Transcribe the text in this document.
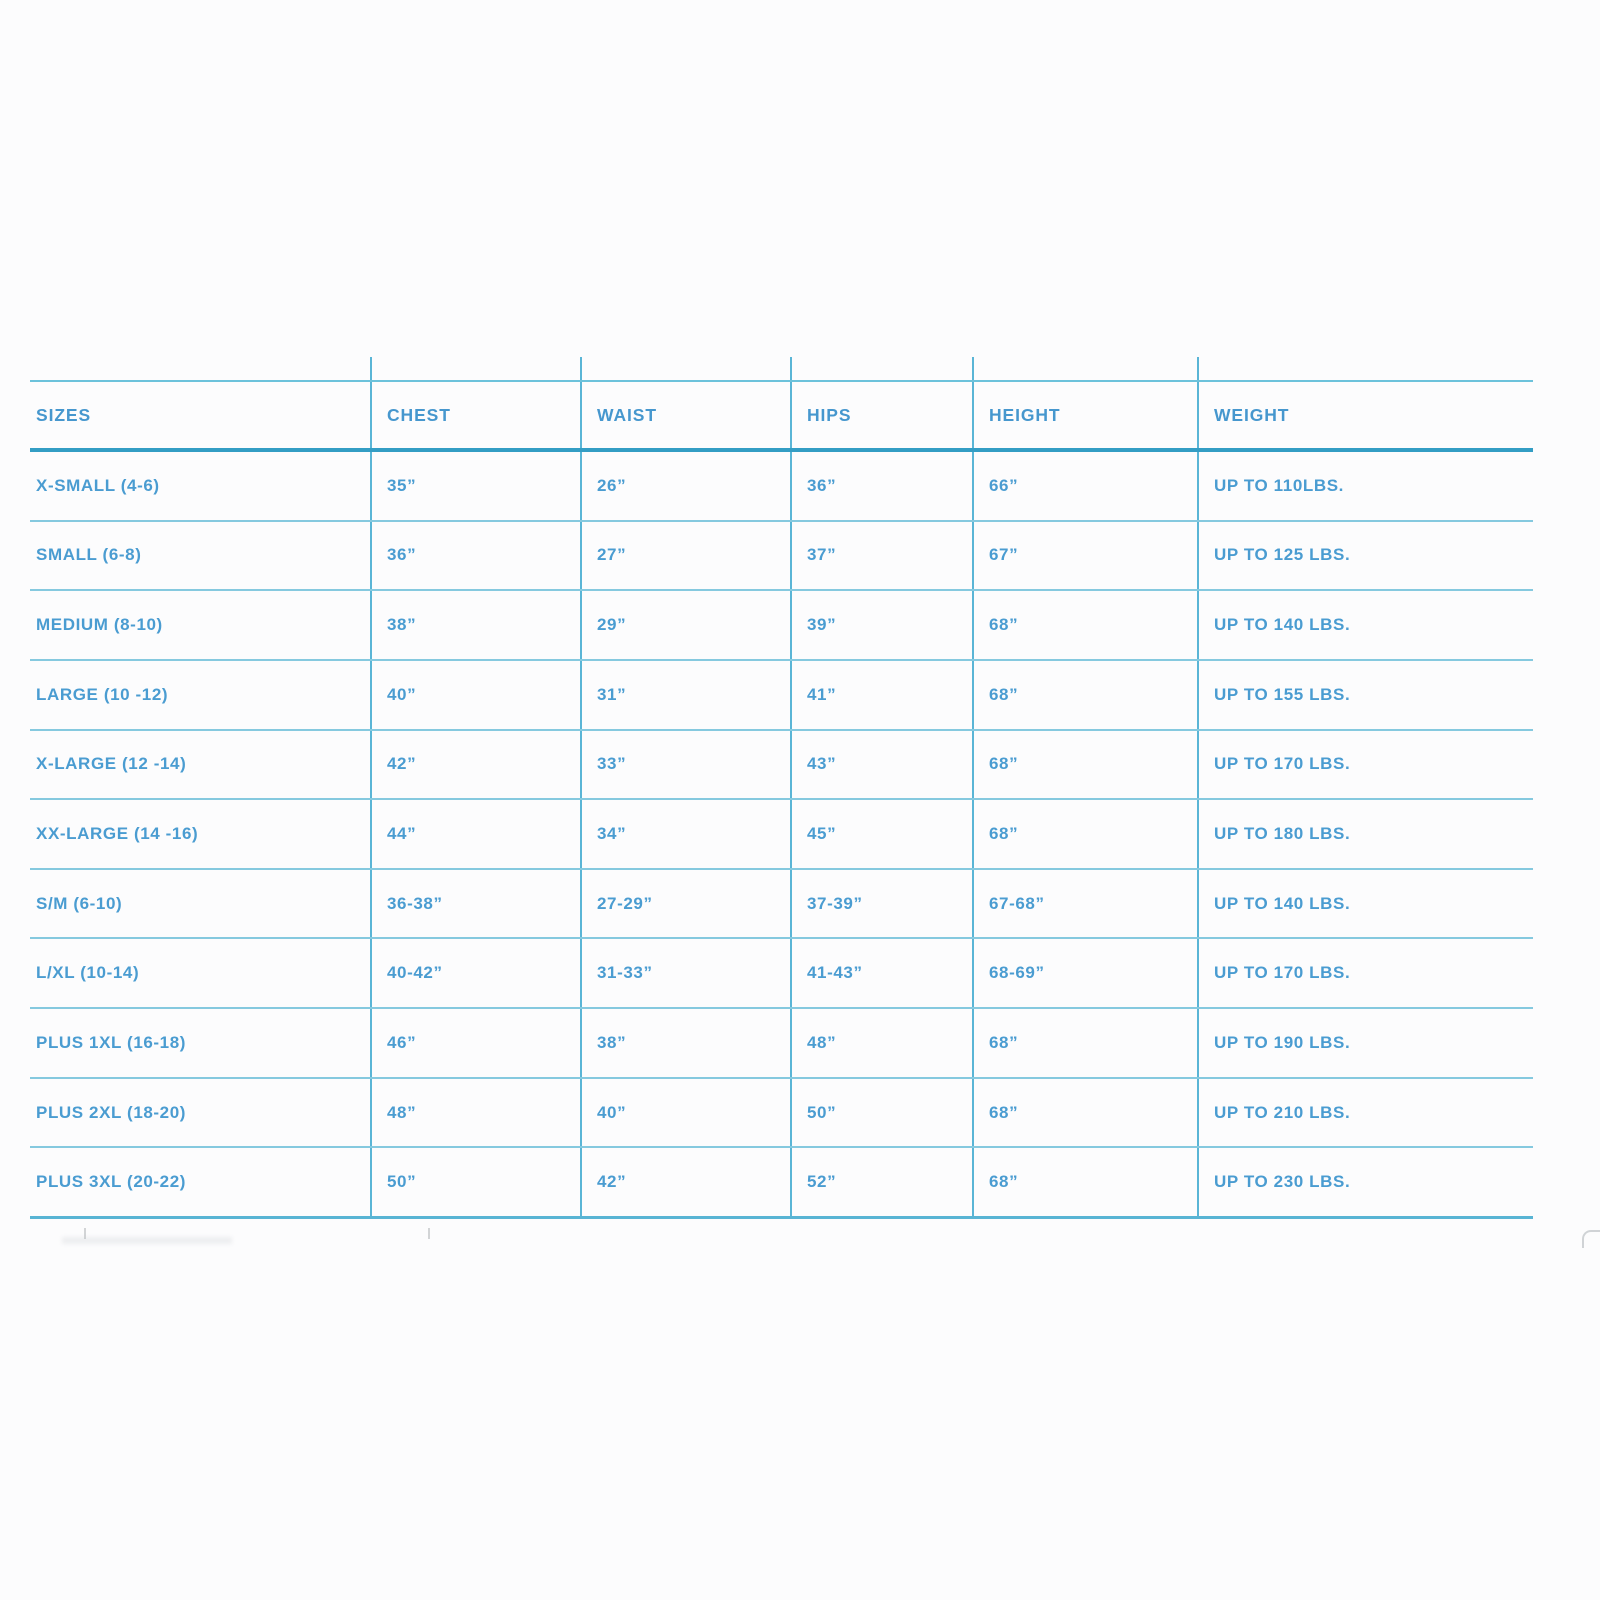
SIZES	CHEST	WAIST	HIPS	HEIGHT	WEIGHT
X-SMALL (4-6)	35”	26”	36”	66”	UP TO 110LBS.
SMALL (6-8)	36”	27”	37”	67”	UP TO 125 LBS.
MEDIUM (8-10)	38”	29”	39”	68”	UP TO 140 LBS.
LARGE (10 -12)	40”	31”	41”	68”	UP TO 155 LBS.
X-LARGE (12 -14)	42”	33”	43”	68”	UP TO 170 LBS.
XX-LARGE (14 -16)	44”	34”	45”	68”	UP TO 180 LBS.
S/M (6-10)	36-38”	27-29”	37-39”	67-68”	UP TO 140 LBS.
L/XL (10-14)	40-42”	31-33”	41-43”	68-69”	UP TO 170 LBS.
PLUS 1XL (16-18)	46”	38”	48”	68”	UP TO 190 LBS.
PLUS 2XL (18-20)	48”	40”	50”	68”	UP TO 210 LBS.
PLUS 3XL (20-22)	50”	42”	52”	68”	UP TO 230 LBS.
